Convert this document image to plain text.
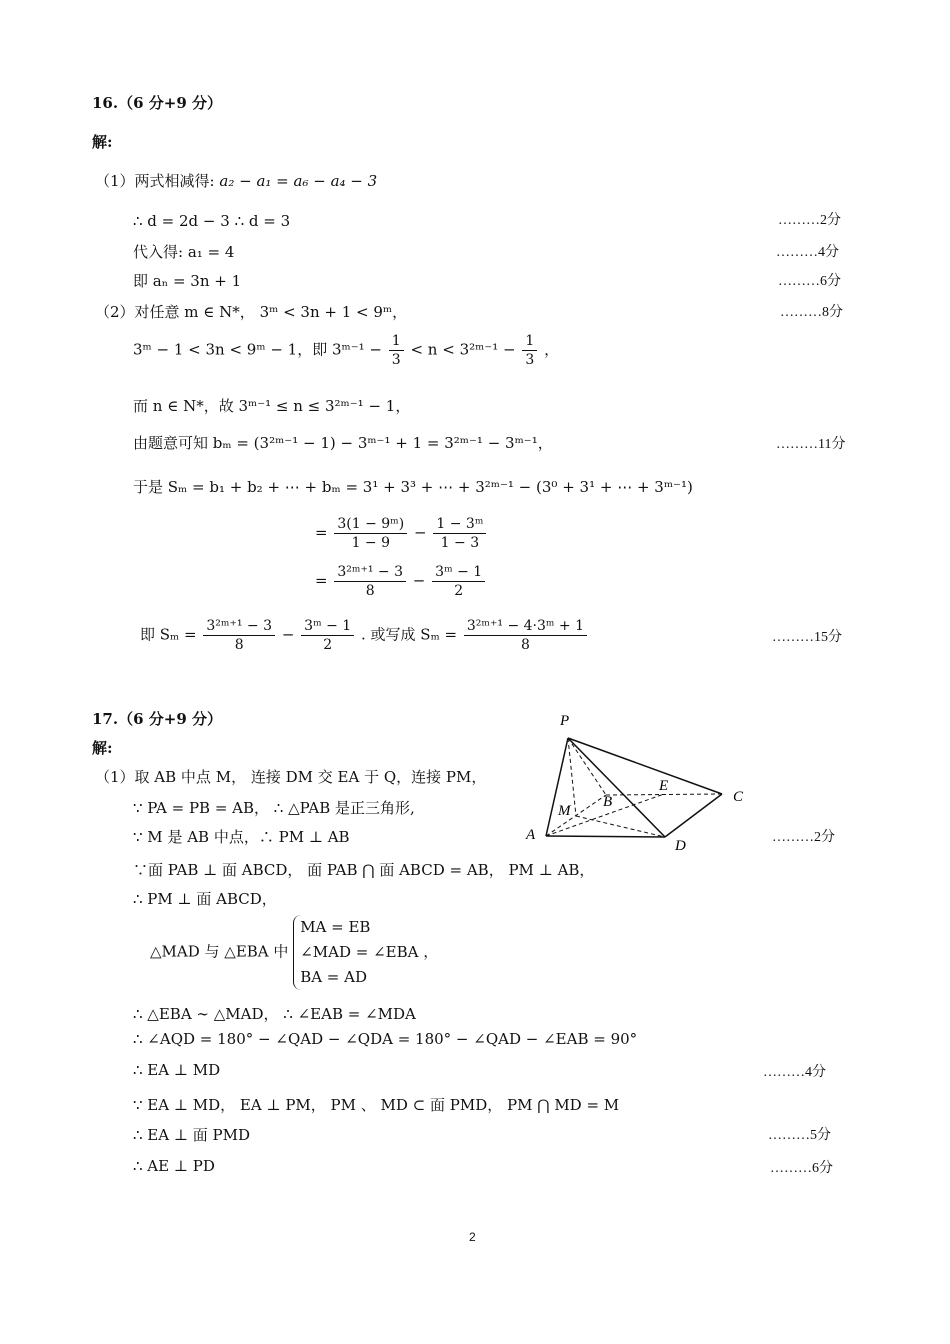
16.（6 分+9 分）
解:
（1）两式相减得: a₂ − a₁ = a₆ − a₄ − 3
∴ d = 2d − 3 ∴ d = 3	………2分
代入得: a₁ = 4	………4分
即 aₙ = 3n + 1	………6分
（2）对任意 m ∈ N*， 3ᵐ < 3n + 1 < 9ᵐ，	………8分
3ᵐ − 1 < 3n < 9ᵐ − 1，即 3ᵐ⁻¹ − $\frac{1}{3} < n$ < 3²ᵐ⁻¹ − $\frac{1}{3}$ ，
而 n ∈ N*，故 3ᵐ⁻¹ ≤ n ≤ 3²ᵐ⁻¹ − 1，
由题意可知 bₘ = (3²ᵐ⁻¹ − 1) − 3ᵐ⁻¹ + 1 = 3²ᵐ⁻¹ − 3ᵐ⁻¹，	………11分
于是 Sₘ = b₁ + b₂ + ⋯ + bₘ = 3¹ + 3³ + ⋯ + 3²ᵐ⁻¹ − (3⁰ + 3¹ + ⋯ + 3ᵐ⁻¹)
= $\frac{\text{3(1 − 9ᵐ)}}{1 - 9} - \frac{\text{1 − 3ᵐ}}{1 - 3}$
= $\frac{\text{3²ᵐ⁺¹ − 3}}{8} - \frac{\text{3ᵐ − 1}}{2}$
即 $S_m = \frac{\text{3²ᵐ⁺¹ − 3}}{8} - \frac{\text{3ᵐ − 1}}{2}$ . 或写成 $S_m = \frac{\text{3²ᵐ⁺¹ − 4·3ᵐ + 1}}{8}$	………15分
17.（6 分+9 分）
解:
P
E
C
B
M
A
D
（1）取 AB 中点 M， 连接 DM 交 EA 于 Q，连接 PM，
∵ PA = PB = AB， ∴ △PAB 是正三角形,
∵ M 是 AB 中点，∴ PM ⊥ AB	………2分
∵面 PAB ⊥ 面 ABCD， 面 PAB ⋂ 面 ABCD = AB， PM ⊥ AB，
∴ PM ⊥ 面 ABCD，
△MAD 与 △EBA 中
MA = EB
∠MAD = ∠EBA
BA = AD
，
∴ △EBA ∼ △MAD， ∴ ∠EAB = ∠MDA
∴ ∠AQD = 180° − ∠QAD − ∠QDA = 180° − ∠QAD − ∠EAB = 90°
∴ EA ⊥ MD	………4分
∵ EA ⊥ MD， EA ⊥ PM， PM 、 MD ⊂ 面 PMD， PM ⋂ MD = M
∴ EA ⊥ 面 PMD	………5分
∴ AE ⊥ PD	………6分
2
